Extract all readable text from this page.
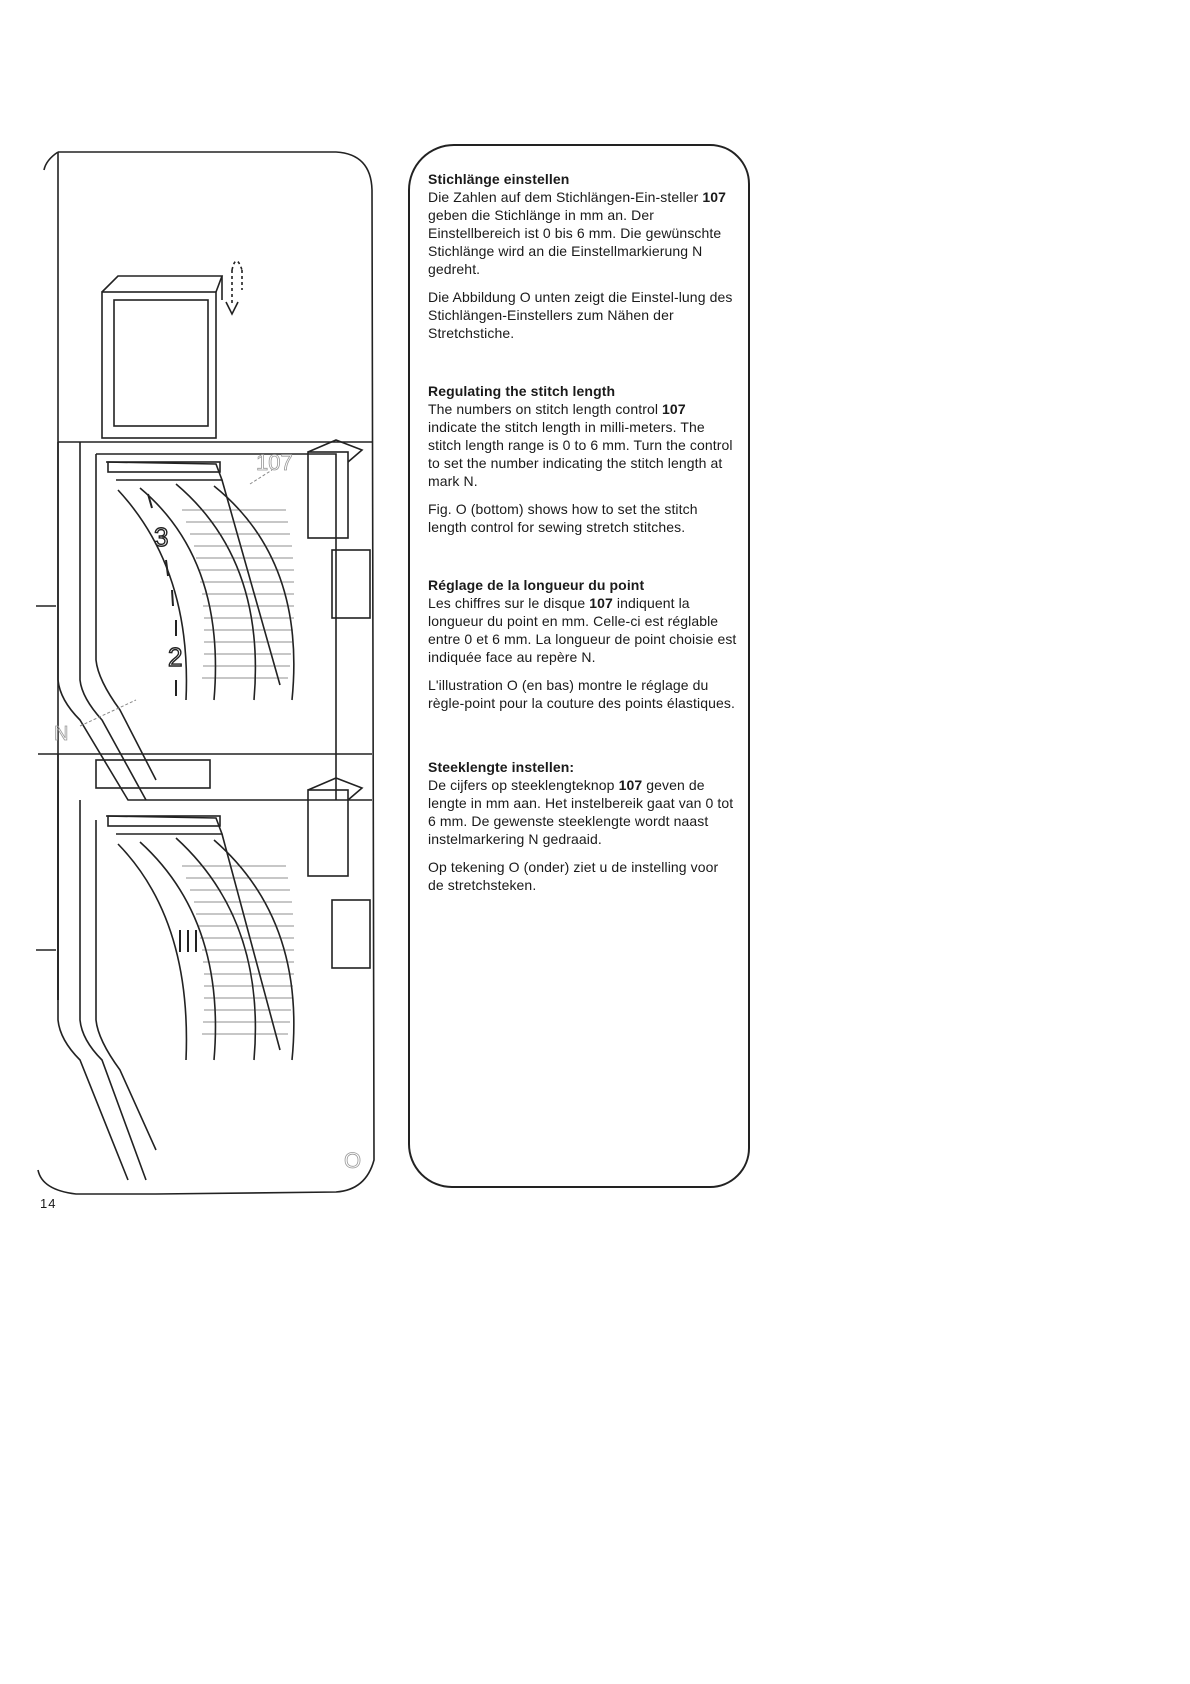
3
2
107
N
O
Stichlänge einstellen

Die Zahlen auf dem Stichlängen-Ein-steller 107 geben die Stichlänge in mm an. Der Einstellbereich ist 0 bis 6 mm. Die gewünschte Stichlänge wird an die Einstellmarkierung N gedreht.

Die Abbildung O unten zeigt die Einstel-lung des Stichlängen-Einstellers zum Nähen der Stretchstiche.

Regulating the stitch length

The numbers on stitch length control 107 indicate the stitch length in milli-meters. The stitch length range is 0 to 6 mm. Turn the control to set the number indicating the stitch length at mark N.

Fig. O (bottom) shows how to set the stitch length control for sewing stretch stitches.

Réglage de la longueur du point

Les chiffres sur le disque 107 indiquent la longueur du point en mm. Celle-ci est réglable entre 0 et 6 mm. La longueur de point choisie est indiquée face au repère N.

L'illustration O (en bas) montre le réglage du règle-point pour la couture des points élastiques.

Steeklengte instellen:

De cijfers op steeklengteknop 107 geven de lengte in mm aan. Het instelbereik gaat van 0 tot 6 mm. De gewenste steeklengte wordt naast instelmarkering N gedraaid.

Op tekening O (onder) ziet u de instelling voor de stretchsteken.

14
